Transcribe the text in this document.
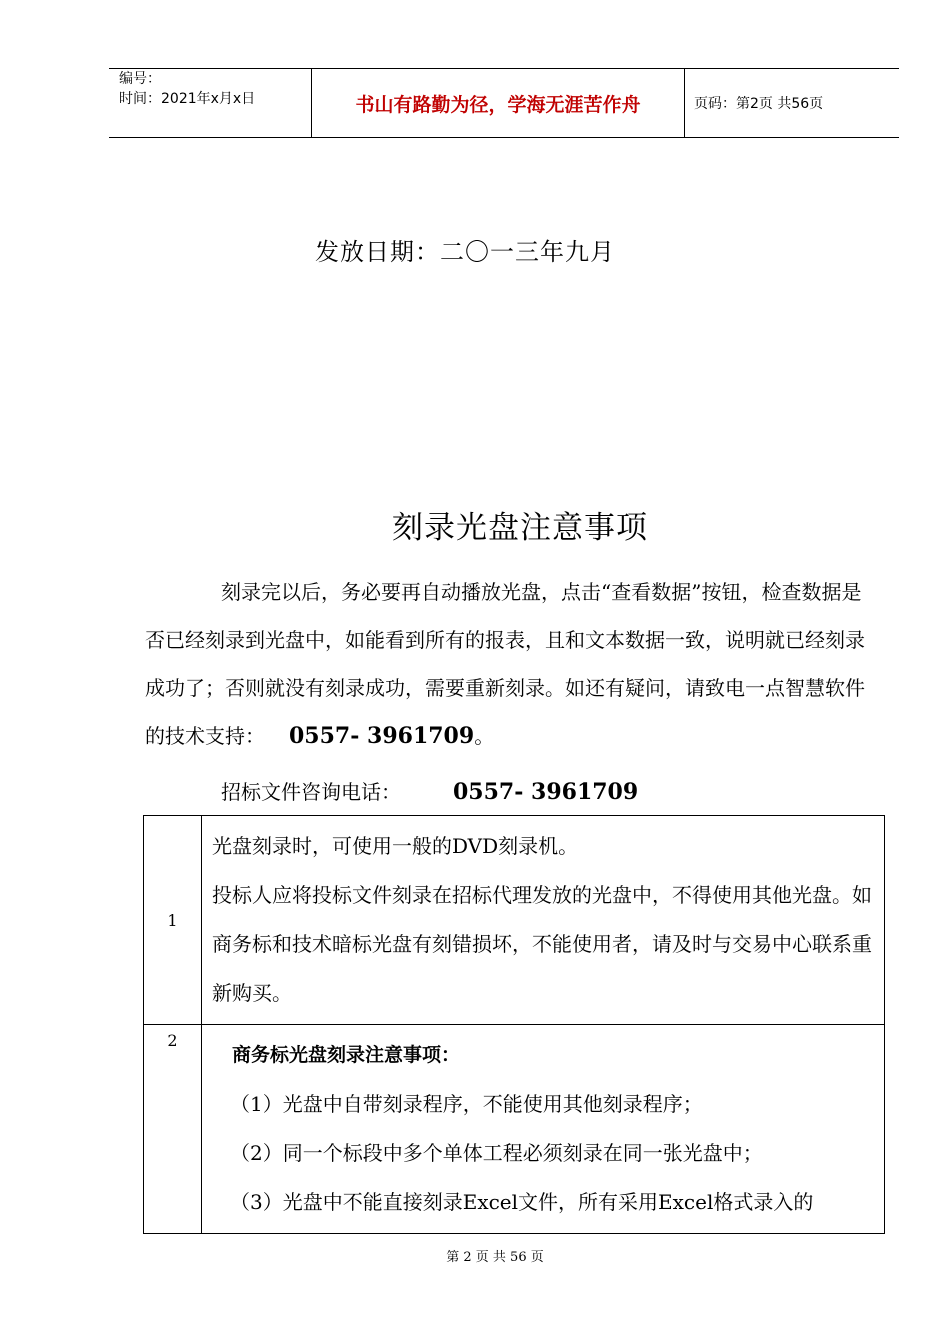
编号：
时间：2021年x月x日	书山有路勤为径，学海无涯苦作舟	页码：第2页 共56页
发放日期：二〇一三年九月
刻录光盘注意事项
刻录完以后，务必要再自动播放光盘，点击“查看数据”按钮，检查数据是否已经刻录到光盘中，如能看到所有的报表，且和文本数据一致，说明就已经刻录成功了；否则就没有刻录成功，需要重新刻录。如还有疑问，请致电一点智慧软件的技术支持： 0557- 3961709。
招标文件咨询电话： 0557- 3961709
1	光盘刻录时，可使用一般的DVD刻录机。
投标人应将投标文件刻录在招标代理发放的光盘中，不得使用其他光盘。如商务标和技术暗标光盘有刻错损坏，不能使用者，请及时与交易中心联系重新购买。

2	商务标光盘刻录注意事项：
（1）光盘中自带刻录程序，不能使用其他刻录程序；
（2）同一个标段中多个单体工程必须刻录在同一张光盘中；
（3）光盘中不能直接刻录Excel文件，所有采用Excel格式录入的
第 2 页 共 56 页
